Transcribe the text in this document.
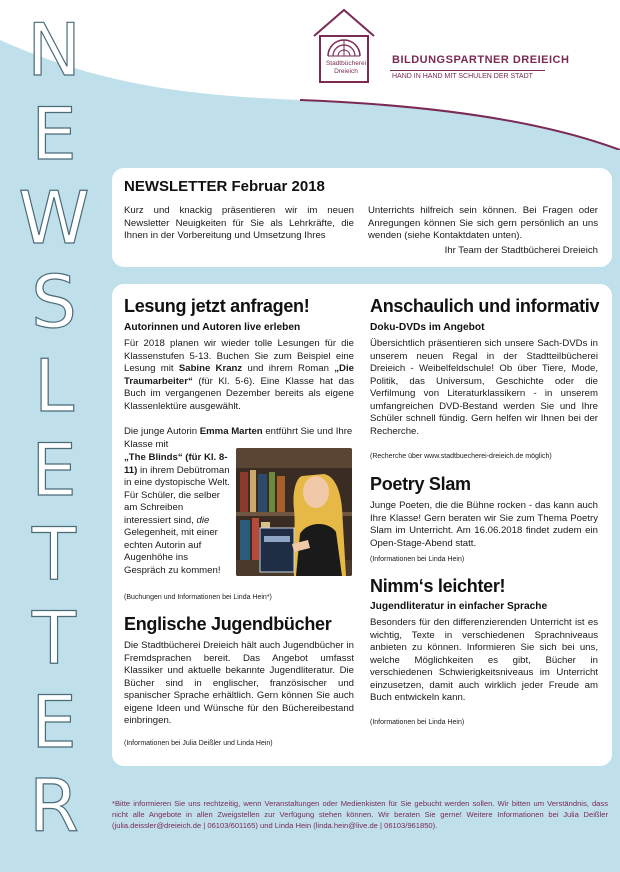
Stadtbücherei
Dreieich
BILDUNGSPARTNER DREIEICH
HAND IN HAND MIT SCHULEN DER STADT
N
E
W
S
L
E
T
T
E
R
NEWSLETTER Februar 2018

Kurz und knackig präsentieren wir im neuen Newsletter Neuigkeiten für Sie als Lehrkräfte, die Ihnen in der Vorbereitung und Umsetzung Ihres

Unterrichts hilfreich sein können. Bei Fragen oder Anregungen können Sie sich gern persönlich an uns wenden (siehe Kontaktdaten unten).

Ihr Team der Stadtbücherei Dreieich
Lesung jetzt anfragen!
Autorinnen und Autoren live erleben

Für 2018 planen wir wieder tolle Lesungen für die Klassenstufen 5-13. Buchen Sie zum Beispiel eine Lesung mit Sabine Kranz und ihrem Roman „Die Traumarbeiter“ (für Kl. 5-6). Eine Klasse hat das Buch im vergangenen Dezember bereits als eigene Klassenlektüre ausgewählt.

Die junge Autorin Emma Marten entführt Sie und Ihre Klasse mit

„The Blinds“ (für Kl. 8-11) in ihrem Debütroman in eine dystopische Welt. Für Schüler, die selber am Schreiben interessiert sind, die Gelegenheit, mit einer echten Autorin auf Augenhöhe ins Gespräch zu kommen!

(Buchungen und Informationen bei Linda Hein*)

Englische Jugendbücher

Die Stadtbücherei Dreieich hält auch Jugendbücher in Fremdsprachen bereit. Das Angebot umfasst Klassiker und aktuelle bekannte Jugendliteratur. Die Bücher sind in englischer, französischer und spanischer Sprache erhältlich. Gern können Sie auch eigene Ideen und Wünsche für den Büchereibestand einbringen.

(Informationen bei Julia Deißler und Linda Hein)

Anschaulich und informativ
Doku-DVDs im Angebot

Übersichtlich präsentieren sich unsere Sach-DVDs in unserem neuen Regal in der Stadtteilbücherei Dreieich - Weibelfeldschule! Ob über Tiere, Mode, Politik, das Universum, Geschichte oder die Verfilmung von Literaturklassikern - in unserem umfangreichen DVD-Bestand werden Sie und Ihre Schüler schnell fündig. Gern helfen wir Ihnen bei der Recherche.

(Recherche über www.stadtbuecherei-dreieich.de möglich)

Poetry Slam

Junge Poeten, die die Bühne rocken - das kann auch Ihre Klasse! Gern beraten wir Sie zum Thema Poetry Slam im Unterricht. Am 16.06.2018 findet zudem ein Open-Stage-Abend statt.

(Informationen bei Linda Hein)

Nimm‘s leichter!
Jugendliteratur in einfacher Sprache

Besonders für den differenzierenden Unterricht ist es wichtig, Texte in verschiedenen Sprachniveaus anbieten zu können. Informieren Sie sich bei uns, welche Möglichkeiten es gibt, Bücher in verschiedenen Schwierigkeitsniveaus im Unterricht einzusetzen, damit auch wirklich jeder Freude am Buch entwickeln kann.

(Informationen bei Linda Hein)

*Bitte informieren Sie uns rechtzeitig, wenn Veranstaltungen oder Medienkisten für Sie gebucht werden sollen. Wir bitten um Verständnis, dass nicht alle Angebote in allen Zweigstellen zur Verfügung stehen können. Wir beraten Sie gerne! Weitere Informationen bei Julia Deißler (julia.deissler@dreieich.de | 06103/601165) und Linda Hein (linda.hein@live.de | 06103/961850).
